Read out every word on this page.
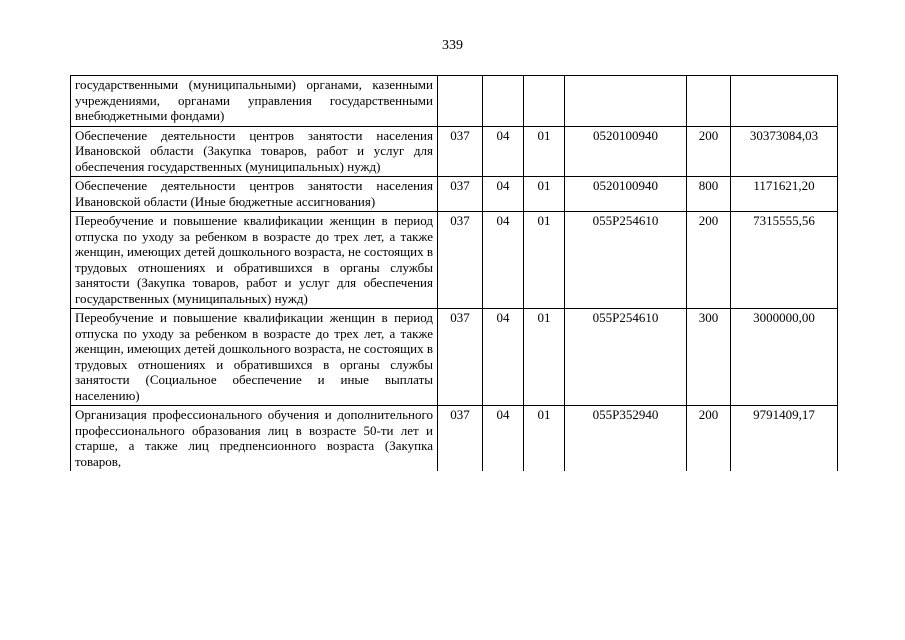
339
государственными (муниципальными) органами, казенными учреждениями, органами управления государственными внебюджетными фондами)						
Обеспечение деятельности центров занятости населения Ивановской области (Закупка товаров, работ и услуг для обеспечения государственных (муниципальных) нужд)	037	04	01	0520100940	200	30373084,03
Обеспечение деятельности центров занятости населения Ивановской области (Иные бюджетные ассигнования)	037	04	01	0520100940	800	1171621,20
Переобучение и повышение квалификации женщин в период отпуска по уходу за ребенком в возрасте до трех лет, а также женщин, имеющих детей дошкольного возраста, не состоящих в трудовых отношениях и обратившихся в органы службы занятости (Закупка товаров, работ и услуг для обеспечения государственных (муниципальных) нужд)	037	04	01	055P254610	200	7315555,56
Переобучение и повышение квалификации женщин в период отпуска по уходу за ребенком в возрасте до трех лет, а также женщин, имеющих детей дошкольного возраста, не состоящих в трудовых отношениях и обратившихся в органы службы занятости (Социальное обеспечение и иные выплаты населению)	037	04	01	055P254610	300	3000000,00
Организация профессионального обучения и дополнительного профессионального образования лиц в возрасте 50-ти лет и старше, а также лиц предпенсионного возраста (Закупка товаров,	037	04	01	055P352940	200	9791409,17
